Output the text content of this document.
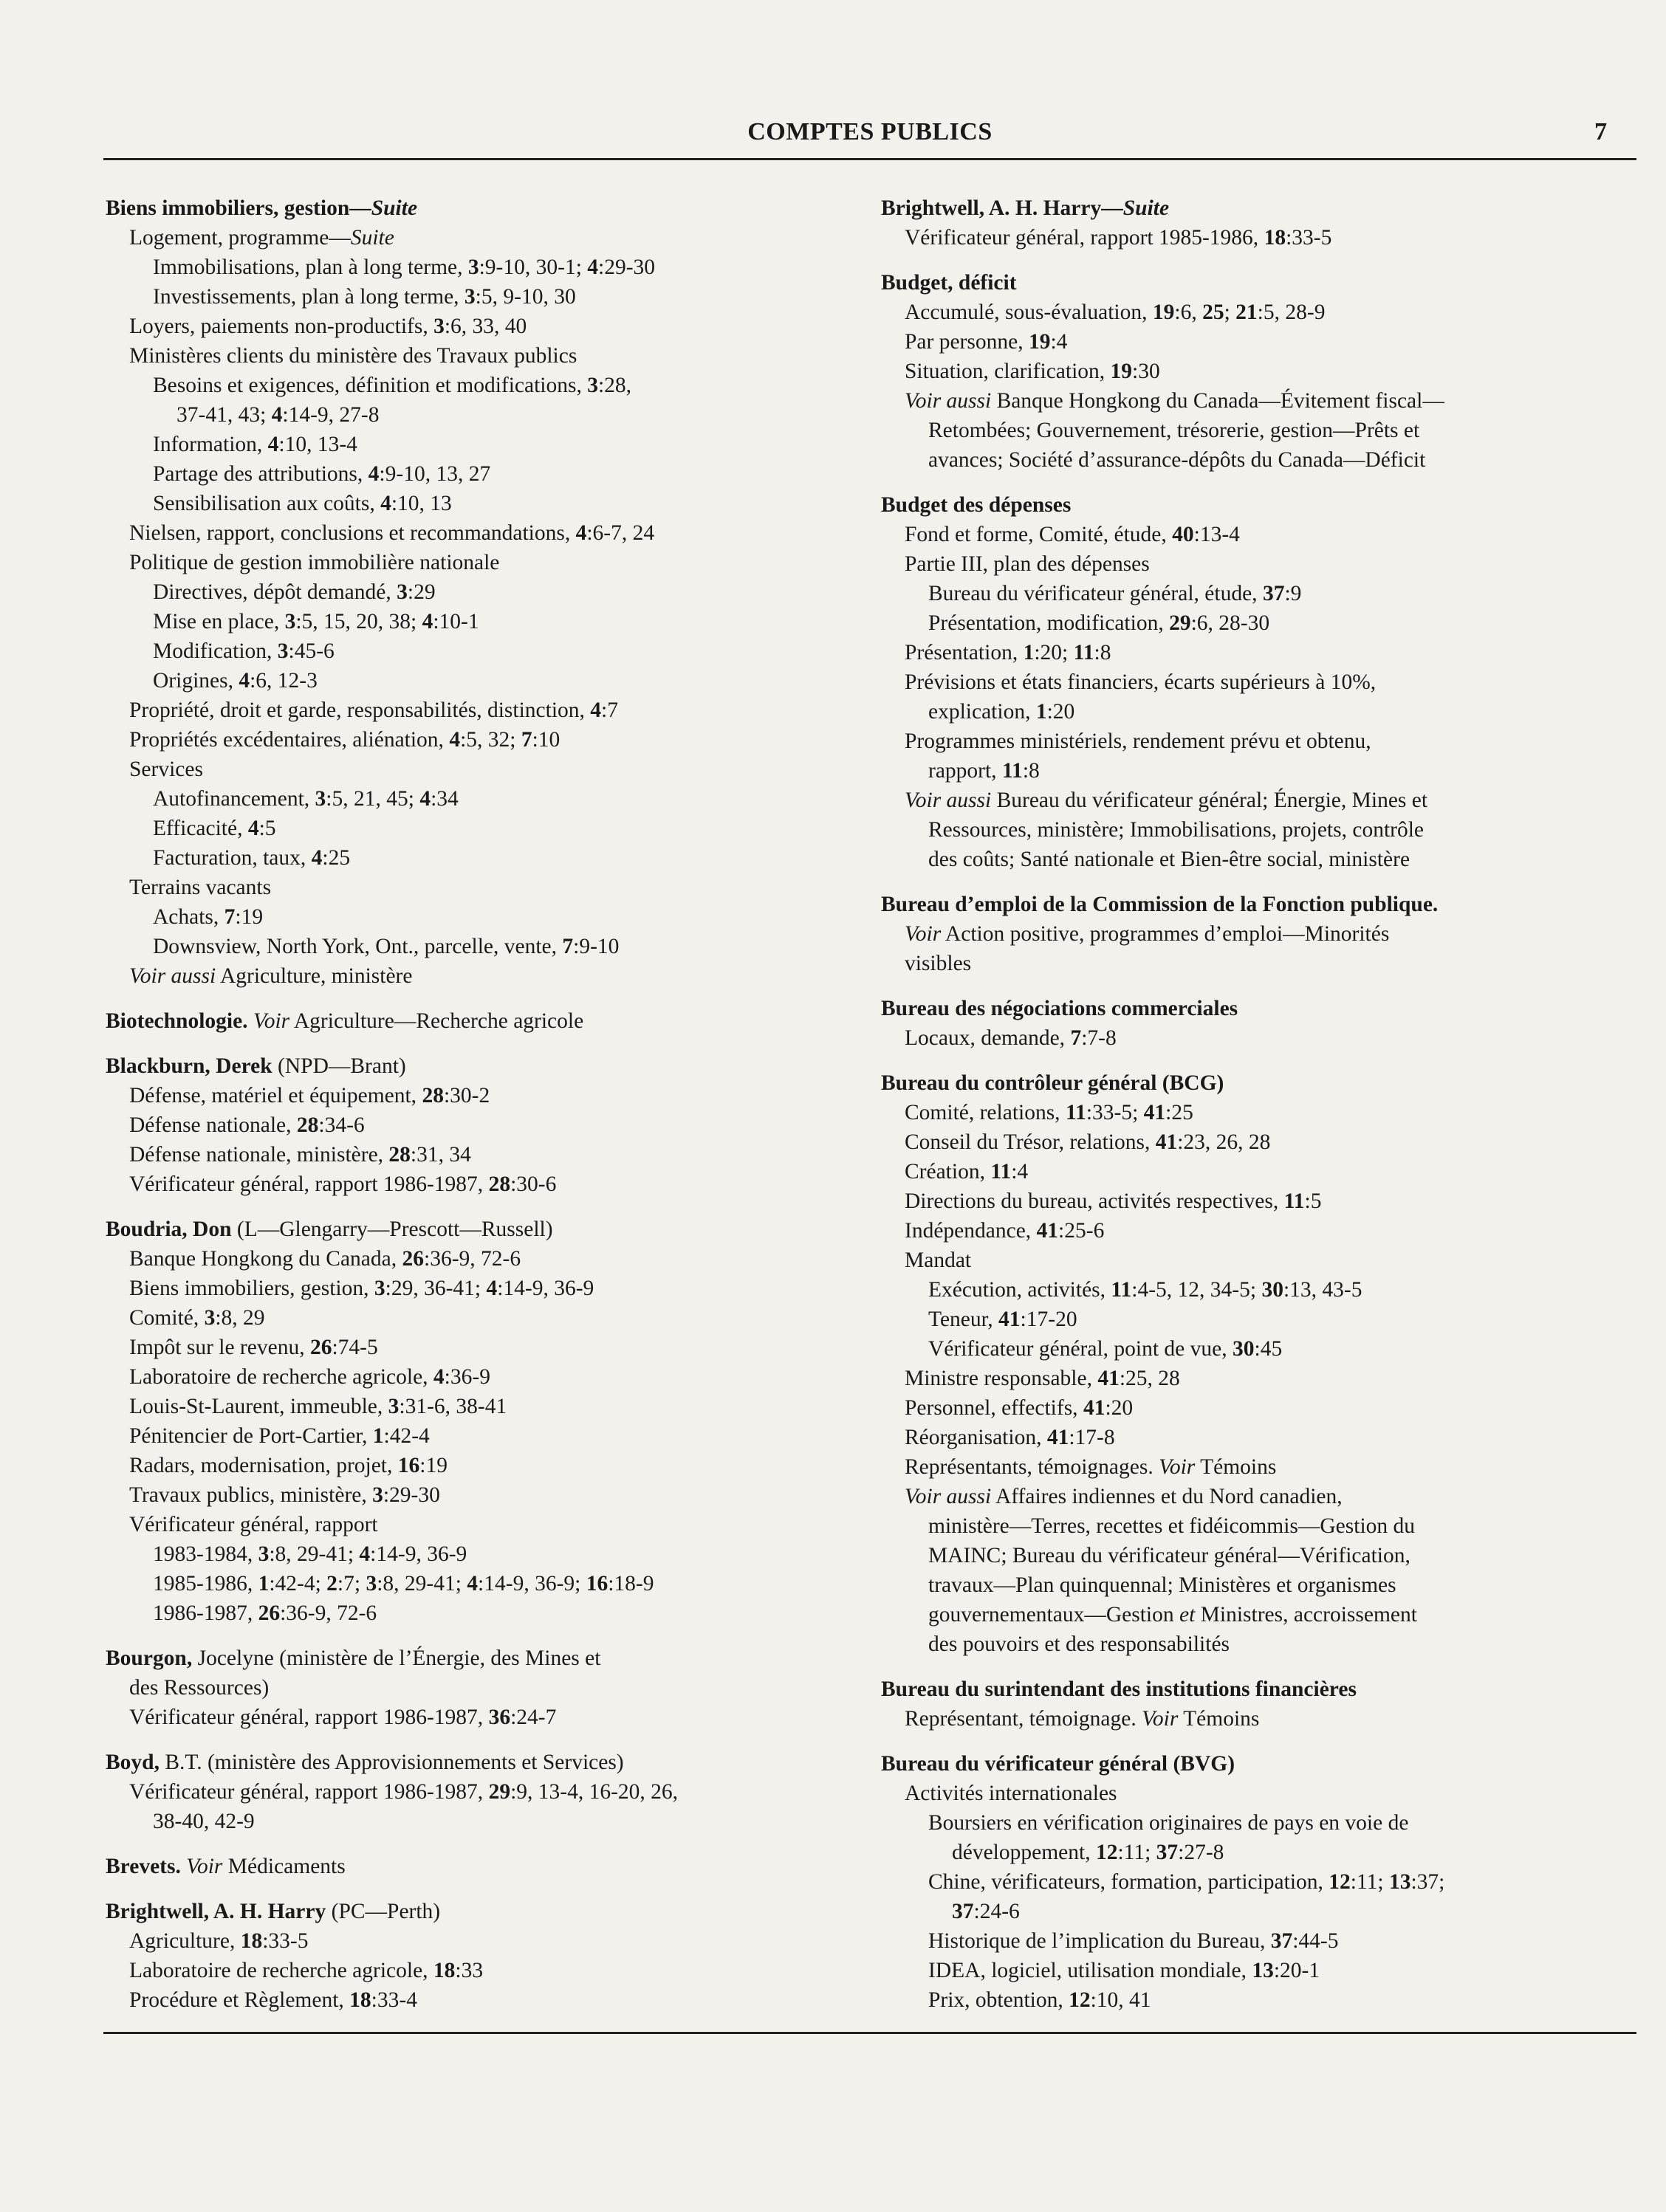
COMPTES PUBLICS	7
Biens immobiliers, gestion—Suite
Logement, programme—Suite
Immobilisations, plan à long terme, 3:9-10, 30-1; 4:29-30
Investissements, plan à long terme, 3:5, 9-10, 30
Loyers, paiements non-productifs, 3:6, 33, 40
Ministères clients du ministère des Travaux publics
Besoins et exigences, définition et modifications, 3:28,
37-41, 43; 4:14-9, 27-8
Information, 4:10, 13-4
Partage des attributions, 4:9-10, 13, 27
Sensibilisation aux coûts, 4:10, 13
Nielsen, rapport, conclusions et recommandations, 4:6-7, 24
Politique de gestion immobilière nationale
Directives, dépôt demandé, 3:29
Mise en place, 3:5, 15, 20, 38; 4:10-1
Modification, 3:45-6
Origines, 4:6, 12-3
Propriété, droit et garde, responsabilités, distinction, 4:7
Propriétés excédentaires, aliénation, 4:5, 32; 7:10
Services
Autofinancement, 3:5, 21, 45; 4:34
Efficacité, 4:5
Facturation, taux, 4:25
Terrains vacants
Achats, 7:19
Downsview, North York, Ont., parcelle, vente, 7:9-10
Voir aussi Agriculture, ministère
Biotechnologie. Voir Agriculture—Recherche agricole
Blackburn, Derek (NPD—Brant)
Défense, matériel et équipement, 28:30-2
Défense nationale, 28:34-6
Défense nationale, ministère, 28:31, 34
Vérificateur général, rapport 1986-1987, 28:30-6
Boudria, Don (L—Glengarry—Prescott—Russell)
Banque Hongkong du Canada, 26:36-9, 72-6
Biens immobiliers, gestion, 3:29, 36-41; 4:14-9, 36-9
Comité, 3:8, 29
Impôt sur le revenu, 26:74-5
Laboratoire de recherche agricole, 4:36-9
Louis-St-Laurent, immeuble, 3:31-6, 38-41
Pénitencier de Port-Cartier, 1:42-4
Radars, modernisation, projet, 16:19
Travaux publics, ministère, 3:29-30
Vérificateur général, rapport
1983-1984, 3:8, 29-41; 4:14-9, 36-9
1985-1986, 1:42-4; 2:7; 3:8, 29-41; 4:14-9, 36-9; 16:18-9
1986-1987, 26:36-9, 72-6
Bourgon, Jocelyne (ministère de l’Énergie, des Mines et
des Ressources)
Vérificateur général, rapport 1986-1987, 36:24-7
Boyd, B.T. (ministère des Approvisionnements et Services)
Vérificateur général, rapport 1986-1987, 29:9, 13-4, 16-20, 26,
38-40, 42-9
Brevets. Voir Médicaments
Brightwell, A. H. Harry (PC—Perth)
Agriculture, 18:33-5
Laboratoire de recherche agricole, 18:33
Procédure et Règlement, 18:33-4
Brightwell, A. H. Harry—Suite
Vérificateur général, rapport 1985-1986, 18:33-5
Budget, déficit
Accumulé, sous-évaluation, 19:6, 25; 21:5, 28-9
Par personne, 19:4
Situation, clarification, 19:30
Voir aussi Banque Hongkong du Canada—Évitement fiscal—
Retombées; Gouvernement, trésorerie, gestion—Prêts et
avances; Société d’assurance-dépôts du Canada—Déficit
Budget des dépenses
Fond et forme, Comité, étude, 40:13-4
Partie III, plan des dépenses
Bureau du vérificateur général, étude, 37:9
Présentation, modification, 29:6, 28-30
Présentation, 1:20; 11:8
Prévisions et états financiers, écarts supérieurs à 10%,
explication, 1:20
Programmes ministériels, rendement prévu et obtenu,
rapport, 11:8
Voir aussi Bureau du vérificateur général; Énergie, Mines et
Ressources, ministère; Immobilisations, projets, contrôle
des coûts; Santé nationale et Bien-être social, ministère
Bureau d’emploi de la Commission de la Fonction publique.
Voir Action positive, programmes d’emploi—Minorités
visibles
Bureau des négociations commerciales
Locaux, demande, 7:7-8
Bureau du contrôleur général (BCG)
Comité, relations, 11:33-5; 41:25
Conseil du Trésor, relations, 41:23, 26, 28
Création, 11:4
Directions du bureau, activités respectives, 11:5
Indépendance, 41:25-6
Mandat
Exécution, activités, 11:4-5, 12, 34-5; 30:13, 43-5
Teneur, 41:17-20
Vérificateur général, point de vue, 30:45
Ministre responsable, 41:25, 28
Personnel, effectifs, 41:20
Réorganisation, 41:17-8
Représentants, témoignages. Voir Témoins
Voir aussi Affaires indiennes et du Nord canadien,
ministère—Terres, recettes et fidéicommis—Gestion du
MAINC; Bureau du vérificateur général—Vérification,
travaux—Plan quinquennal; Ministères et organismes
gouvernementaux—Gestion et Ministres, accroissement
des pouvoirs et des responsabilités
Bureau du surintendant des institutions financières
Représentant, témoignage. Voir Témoins
Bureau du vérificateur général (BVG)
Activités internationales
Boursiers en vérification originaires de pays en voie de
développement, 12:11; 37:27-8
Chine, vérificateurs, formation, participation, 12:11; 13:37;
37:24-6
Historique de l’implication du Bureau, 37:44-5
IDEA, logiciel, utilisation mondiale, 13:20-1
Prix, obtention, 12:10, 41
